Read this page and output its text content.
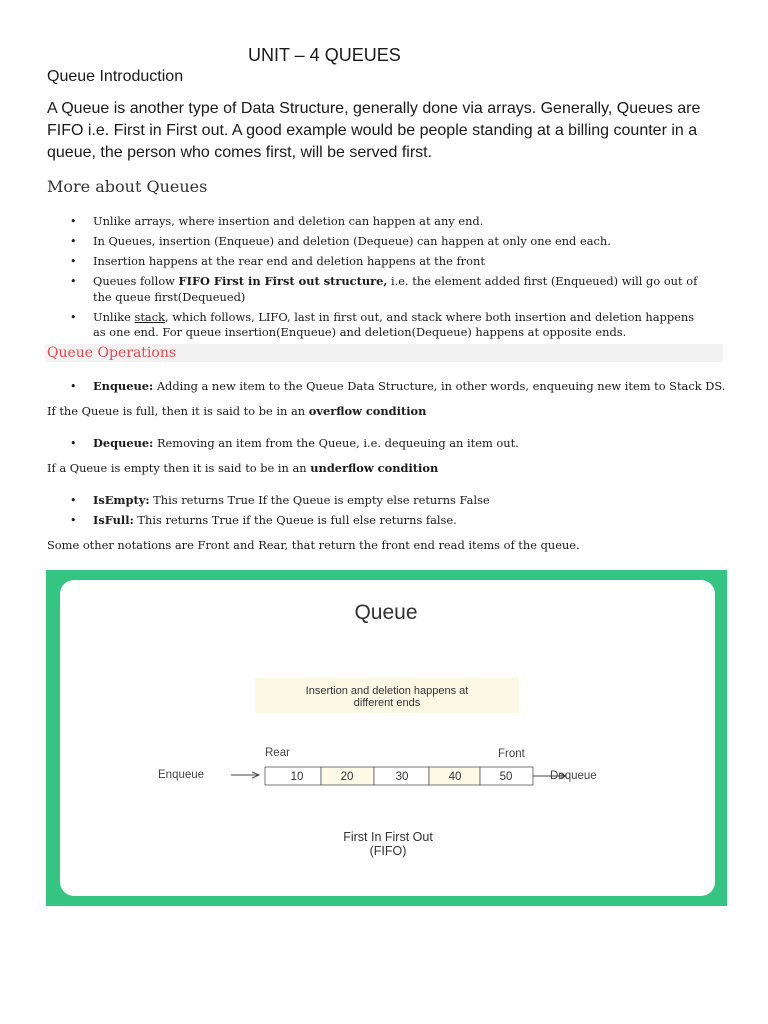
UNIT – 4 QUEUES
Queue Introduction
A Queue is another type of Data Structure, generally done via arrays. Generally, Queues are FIFO i.e. First in First out. A good example would be people standing at a billing counter in a queue, the person who comes first, will be served first.
More about Queues
• Unlike arrays, where insertion and deletion can happen at any end.
• In Queues, insertion (Enqueue) and deletion (Dequeue) can happen at only one end each.
• Insertion happens at the rear end and deletion happens at the front
• Queues follow FIFO First in First out structure, i.e. the element added first (Enqueued) will go out of the queue first(Dequeued)
• Unlike stack, which follows, LIFO, last in first out, and stack where both insertion and deletion happens as one end. For queue insertion(Enqueue) and deletion(Dequeue) happens at opposite ends.
Queue Operations
• Enqueue: Adding a new item to the Queue Data Structure, in other words, enqueuing new item to Stack DS.
If the Queue is full, then it is said to be in an overflow condition
• Dequeue: Removing an item from the Queue, i.e. dequeuing an item out.
If a Queue is empty then it is said to be in an underflow condition
• IsEmpty: This returns True If the Queue is empty else returns False
• IsFull: This returns True if the Queue is full else returns false.
Some other notations are Front and Rear, that return the front end read items of the queue.
Queue
Insertion and deletion happens at
different ends
Rear	Front
Enqueue	10	20	30	40	50	Dequeue
First In First Out
(FIFO)
